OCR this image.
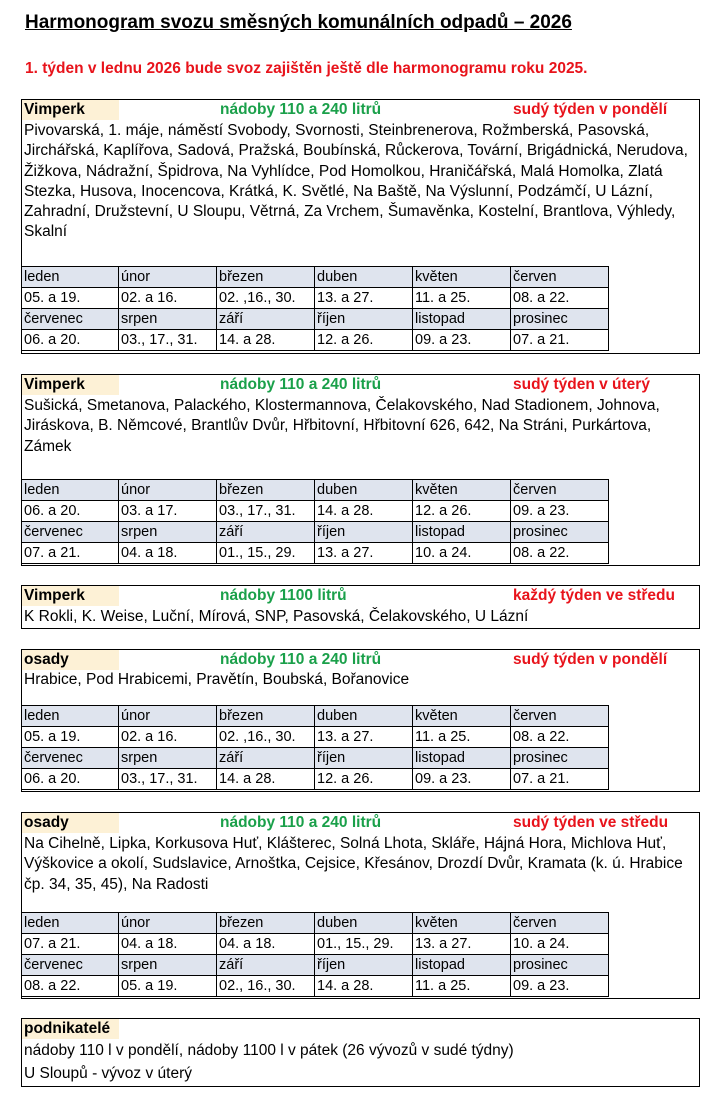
Harmonogram svozu směsných komunálních odpadů – 2026
1. týden v lednu 2026 bude svoz zajištěn ještě dle harmonogramu roku 2025.
Vimperk	nádoby 110 a 240 litrů	sudý týden v pondělí
Pivovarská, 1. máje, náměstí Svobody, Svornosti, Steinbrenerova, Rožmberská, Pasovská, Jirchářská, Kaplířova, Sadová, Pražská, Boubínská, Růckerova, Tovární, Brigádnická, Nerudova, Žižkova, Nádražní, Špidrova, Na Vyhlídce, Pod Homolkou, Hraničářská, Malá Homolka, Zlatá Stezka, Husova, Inocencova, Krátká, K. Světlé, Na Baště, Na Výslunní, Podzámčí, U Lázní, Zahradní, Družstevní, U Sloupu, Větrná, Za Vrchem, Šumavěnka, Kostelní, Brantlova, Výhledy, Skalní
leden	únor	březen	duben	květen	červen
05. a 19.	02. a 16.	02. ,16., 30.	13. a 27.	11. a 25.	08. a 22.
červenec	srpen	září	říjen	listopad	prosinec
06. a 20.	03., 17., 31.	14. a 28.	12. a 26.	09. a 23.	07. a 21.
Vimperk	nádoby 110 a 240 litrů	sudý týden v úterý
Sušická, Smetanova, Palackého, Klostermannova, Čelakovského, Nad Stadionem, Johnova, Jiráskova, B. Němcové, Brantlův Dvůr, Hřbitovní, Hřbitovní 626, 642, Na Stráni, Purkártova, Zámek
leden	únor	březen	duben	květen	červen
06. a 20.	03. a 17.	03., 17., 31.	14. a 28.	12. a 26.	09. a 23.
červenec	srpen	září	říjen	listopad	prosinec
07. a 21.	04. a 18.	01., 15., 29.	13. a 27.	10. a 24.	08. a 22.
Vimperk	nádoby 1100 litrů	každý týden ve středu
K Rokli, K. Weise, Luční, Mírová, SNP, Pasovská, Čelakovského, U Lázní
osady	nádoby 110 a 240 litrů	sudý týden v pondělí
Hrabice, Pod Hrabicemi, Pravětín, Boubská, Bořanovice
leden	únor	březen	duben	květen	červen
05. a 19.	02. a 16.	02. ,16., 30.	13. a 27.	11. a 25.	08. a 22.
červenec	srpen	září	říjen	listopad	prosinec
06. a 20.	03., 17., 31.	14. a 28.	12. a 26.	09. a 23.	07. a 21.
osady	nádoby 110 a 240 litrů	sudý týden ve středu
Na Cihelně, Lipka, Korkusova Huť, Klášterec, Solná Lhota, Skláře, Hájná Hora, Michlova Huť, Výškovice a okolí, Sudslavice, Arnoštka, Cejsice, Křesánov, Drozdí Dvůr, Kramata (k. ú. Hrabice čp. 34, 35, 45), Na Radosti
leden	únor	březen	duben	květen	červen
07. a 21.	04. a 18.	04. a 18.	01., 15., 29.	13. a 27.	10. a 24.
červenec	srpen	září	říjen	listopad	prosinec
08. a 22.	05. a 19.	02., 16., 30.	14. a 28.	11. a 25.	09. a 23.
podnikatelé
nádoby 110 l v pondělí, nádoby 1100 l v pátek (26 vývozů v sudé týdny)
U Sloupů - vývoz v úterý
